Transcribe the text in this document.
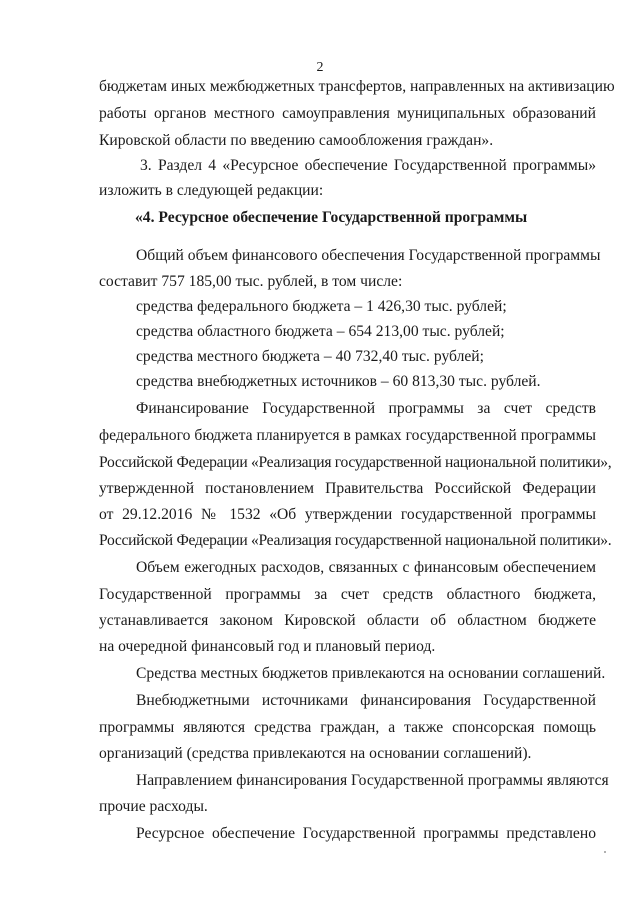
2
бюджетам иных межбюджетных трансфертов, направленных на активизацию
работы органов местного самоуправления муниципальных образований
Кировской области по введению самообложения граждан».
3. Раздел 4 «Ресурсное обеспечение Государственной программы»
изложить в следующей редакции:
«4. Ресурсное обеспечение Государственной программы
Общий объем финансового обеспечения Государственной программы
составит 757 185,00 тыс. рублей, в том числе:
средства федерального бюджета – 1 426,30 тыс. рублей;
средства областного бюджета – 654 213,00 тыс. рублей;
средства местного бюджета – 40 732,40 тыс. рублей;
средства внебюджетных источников – 60 813,30 тыс. рублей.
Финансирование Государственной программы за счет средств
федерального бюджета планируется в рамках государственной программы
Российской Федерации «Реализация государственной национальной политики»,
утвержденной постановлением Правительства Российской Федерации
от 29.12.2016 № 1532 «Об утверждении государственной программы
Российской Федерации «Реализация государственной национальной политики».
Объем ежегодных расходов, связанных с финансовым обеспечением
Государственной программы за счет средств областного бюджета,
устанавливается законом Кировской области об областном бюджете
на очередной финансовый год и плановый период.
Средства местных бюджетов привлекаются на основании соглашений.
Внебюджетными источниками финансирования Государственной
программы являются средства граждан, а также спонсорская помощь
организаций (средства привлекаются на основании соглашений).
Направлением финансирования Государственной программы являются
прочие расходы.
Ресурсное обеспечение Государственной программы представлено
